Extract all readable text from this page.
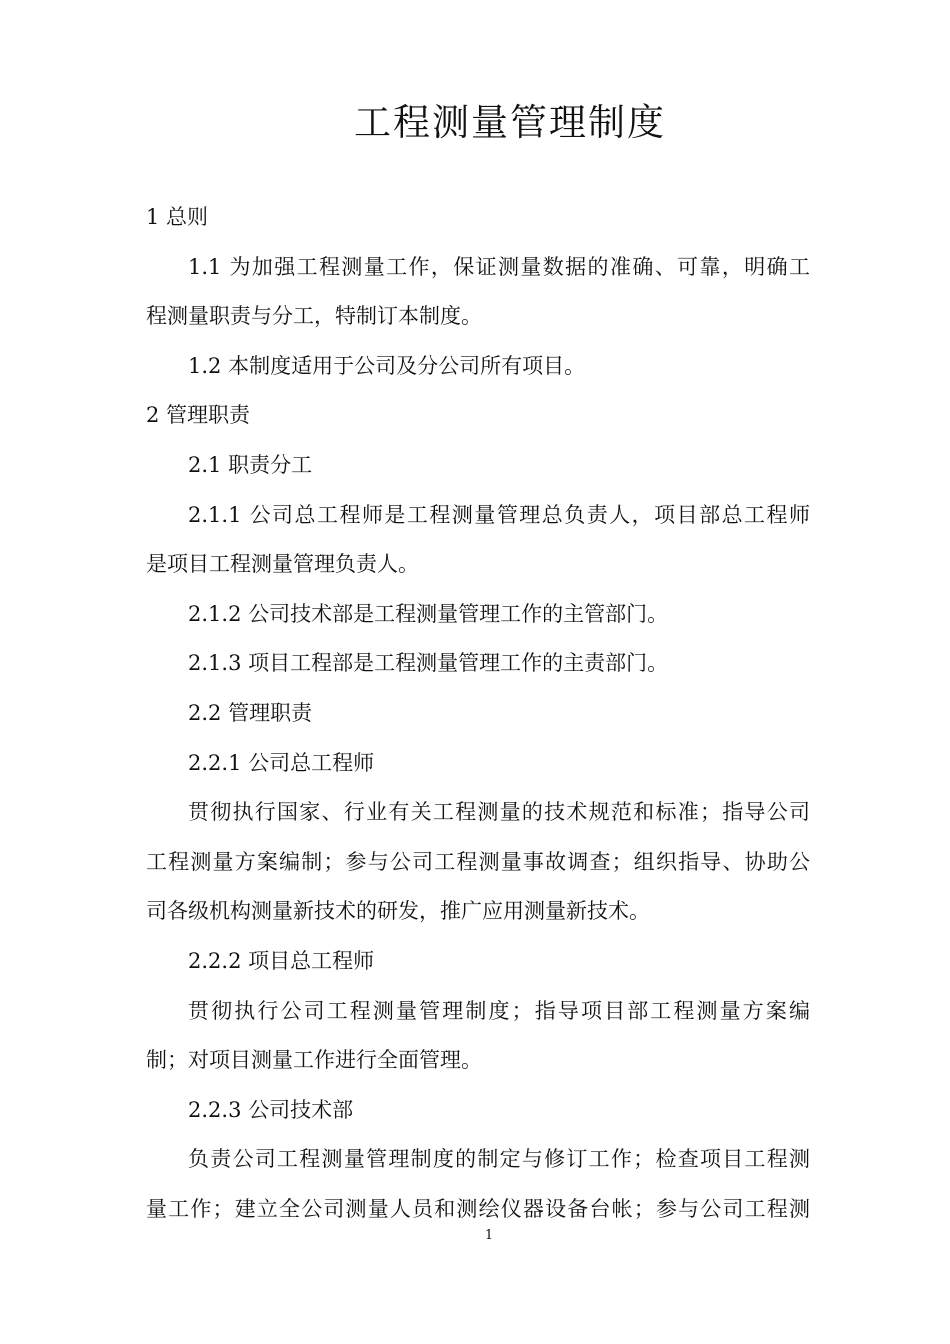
工程测量管理制度
1 总则
1.1 为加强工程测量工作，保证测量数据的准确、可靠，明确工
程测量职责与分工，特制订本制度。
1.2 本制度适用于公司及分公司所有项目。
2 管理职责
2.1 职责分工
2.1.1 公司总工程师是工程测量管理总负责人，项目部总工程师
是项目工程测量管理负责人。
2.1.2 公司技术部是工程测量管理工作的主管部门。
2.1.3 项目工程部是工程测量管理工作的主责部门。
2.2 管理职责
2.2.1 公司总工程师
贯彻执行国家、行业有关工程测量的技术规范和标准；指导公司
工程测量方案编制；参与公司工程测量事故调查；组织指导、协助公
司各级机构测量新技术的研发，推广应用测量新技术。
2.2.2 项目总工程师
贯彻执行公司工程测量管理制度；指导项目部工程测量方案编
制；对项目测量工作进行全面管理。
2.2.3 公司技术部
负责公司工程测量管理制度的制定与修订工作；检查项目工程测
量工作；建立全公司测量人员和测绘仪器设备台帐；参与公司工程测
1
